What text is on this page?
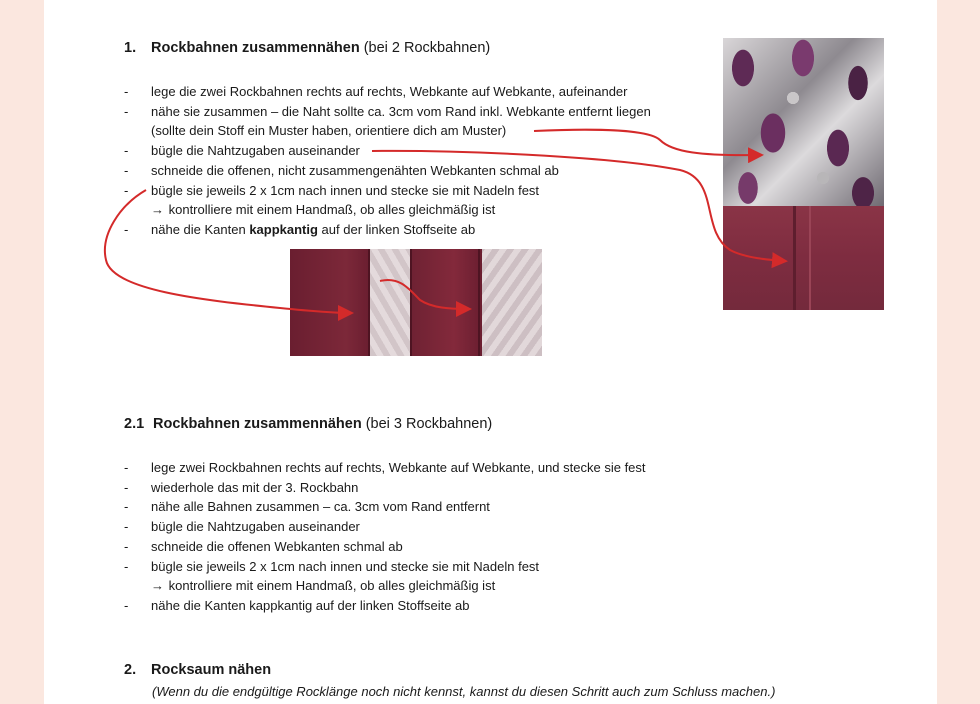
1. Rockbahnen zusammennähen (bei 2 Rockbahnen)
- lege die zwei Rockbahnen rechts auf rechts, Webkante auf Webkante, aufeinander
- nähe sie zusammen – die Naht sollte ca. 3cm vom Rand inkl. Webkante entfernt liegen
(solltе dein Stoff ein Muster haben, orientiere dich am Muster)
- bügle die Nahtzugaben auseinander
- schneide die offenen, nicht zusammengenähten Webkanten schmal ab
- bügle sie jeweils 2 x 1cm nach innen und stecke sie mit Nadeln fest
→ kontrolliere mit einem Handmaß, ob alles gleichmäßig ist
- nähe die Kanten kappkantig auf der linken Stoffseite ab
2.1 Rockbahnen zusammennähen (bei 3 Rockbahnen)
- lege zwei Rockbahnen rechts auf rechts, Webkante auf Webkante, und stecke sie fest
- wiederhole das mit der 3. Rockbahn
- nähe alle Bahnen zusammen – ca. 3cm vom Rand entfernt
- bügle die Nahtzugaben auseinander
- schneide die offenen Webkanten schmal ab
- bügle sie jeweils 2 x 1cm nach innen und stecke sie mit Nadeln fest
→ kontrolliere mit einem Handmaß, ob alles gleichmäßig ist
- nähe die Kanten kappkantig auf der linken Stoffseite ab
2. Rocksaum nähen
(Wenn du die endgültige Rocklänge noch nicht kennst, kannst du diesen Schritt auch zum Schluss machen.)
